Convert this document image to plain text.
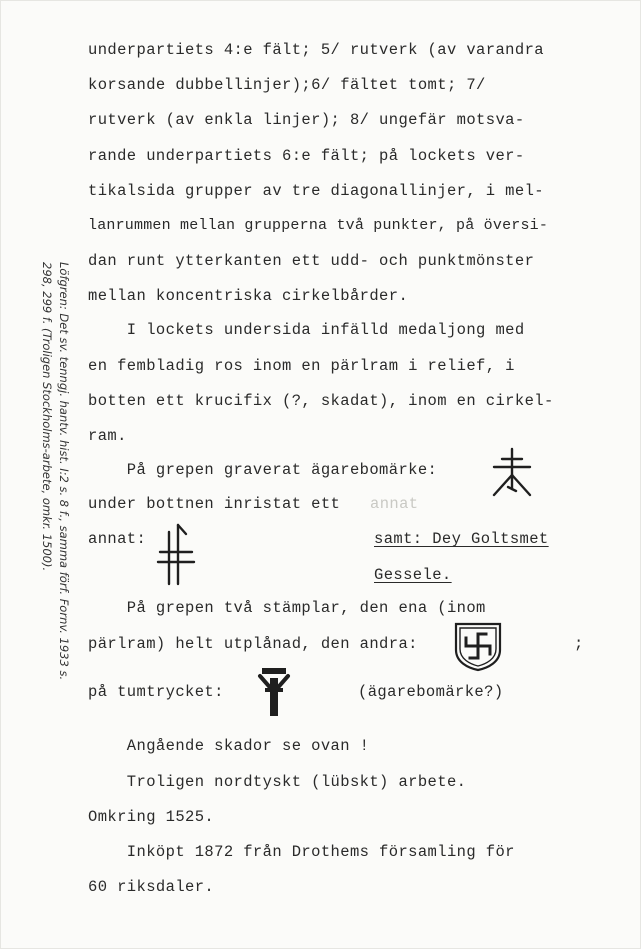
underpartiets 4:e fält; 5/ rutverk (av varandra

korsande dubbellinjer);6/ fältet tomt; 7/

rutverk (av enkla linjer); 8/ ungefär motsva-

rande underpartiets 6:e fält; på lockets ver-

tikalsida grupper av tre diagonallinjer, i mel-

lanrummen mellan grupperna två punkter, på översi-

dan runt ytterkanten ett udd- och punktmönster

mellan koncentriska cirkelbårder.

I lockets undersida infälld medaljong med

en fembladig ros inom en pärlram i relief, i

botten ett krucifix (?, skadat), inom en cirkel-

ram.

På grepen graverat ägarebomärke:

under bottnen inristat ett annat

annat:	samt: Dey Goltsmet

Gessele.

På grepen två stämplar, den ena (inom

pärlram) helt utplånad, den andra:	;

på tumtrycket:	(ägarebomärke?)

Angående skador se ovan !

Troligen nordtyskt (lübskt) arbete.

Omkring 1525.

Inköpt 1872 från Drothems församling för

60 riksdaler.

Löfgren: Det sv. tenngj. hantv. hist. I:2 s. 8 f., samma förf. Fornv. 1933 s.
298, 299 f. (Troligen Stockholms-arbete, omkr. 1500).
